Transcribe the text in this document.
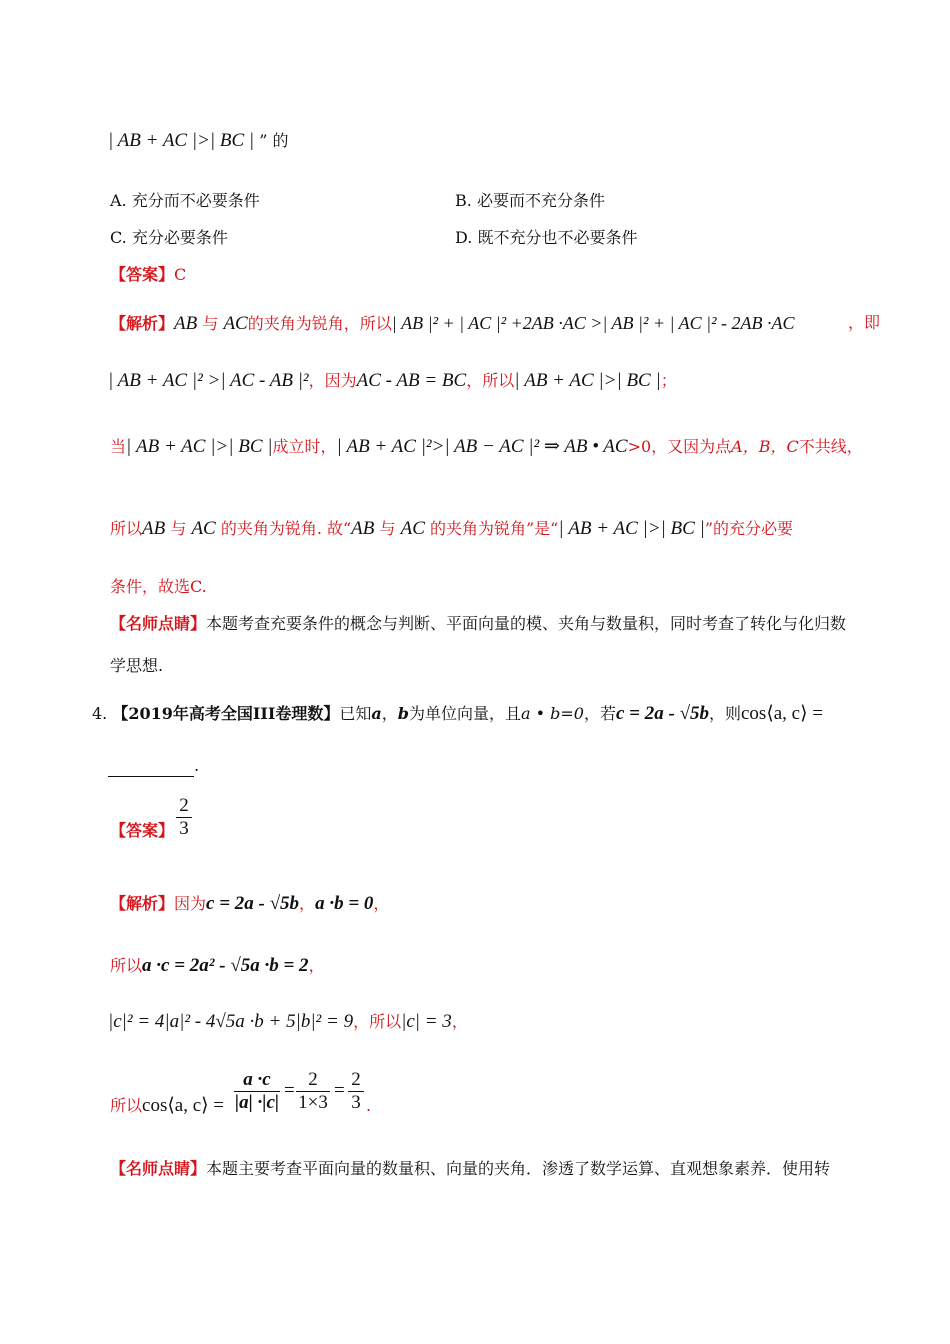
| AB + AC |>| BC | ” 的
A. 充分而不必要条件	B. 必要而不充分条件
C. 充分必要条件	D. 既不充分也不必要条件
【答案】C
【解析】AB 与 AC的夹角为锐角，所以| AB |² + | AC |² +2AB ·AC >| AB |² + | AC |² - 2AB ·AC	，即
| AB + AC |² >| AC - AB |²，因为AC - AB = BC，所以| AB + AC |>| BC |；
当| AB + AC |>| BC |成立时，| AB + AC |²>| AB − AC |² ⇒ AB • AC>0，又因为点A，B，C不共线，
所以AB 与 AC 的夹角为锐角. 故“AB 与 AC 的夹角为锐角”是“| AB + AC |>| BC |”的充分必要
条件，故选C.
【名师点睛】本题考查充要条件的概念与判断、平面向量的模、夹角与数量积，同时考查了转化与化归数
学思想.
4. 【2019年高考全国III卷理数】已知a，b为单位向量，且a • b=0，若c = 2a - √5b，则cos⟨a, c⟩ =
.
【答案】
2
3
【解析】因为c = 2a - √5b，a ·b = 0，
所以a ·c = 2a² - √5a ·b = 2，
|c|² = 4|a|² - 4√5a ·b + 5|b|² = 9，所以|c| = 3，
所以cos⟨a, c⟩ =
a ·c
|a| ·|c|
=
2
1×3
=
2
3 .
【名师点睛】本题主要考查平面向量的数量积、向量的夹角．渗透了数学运算、直观想象素养．使用转
